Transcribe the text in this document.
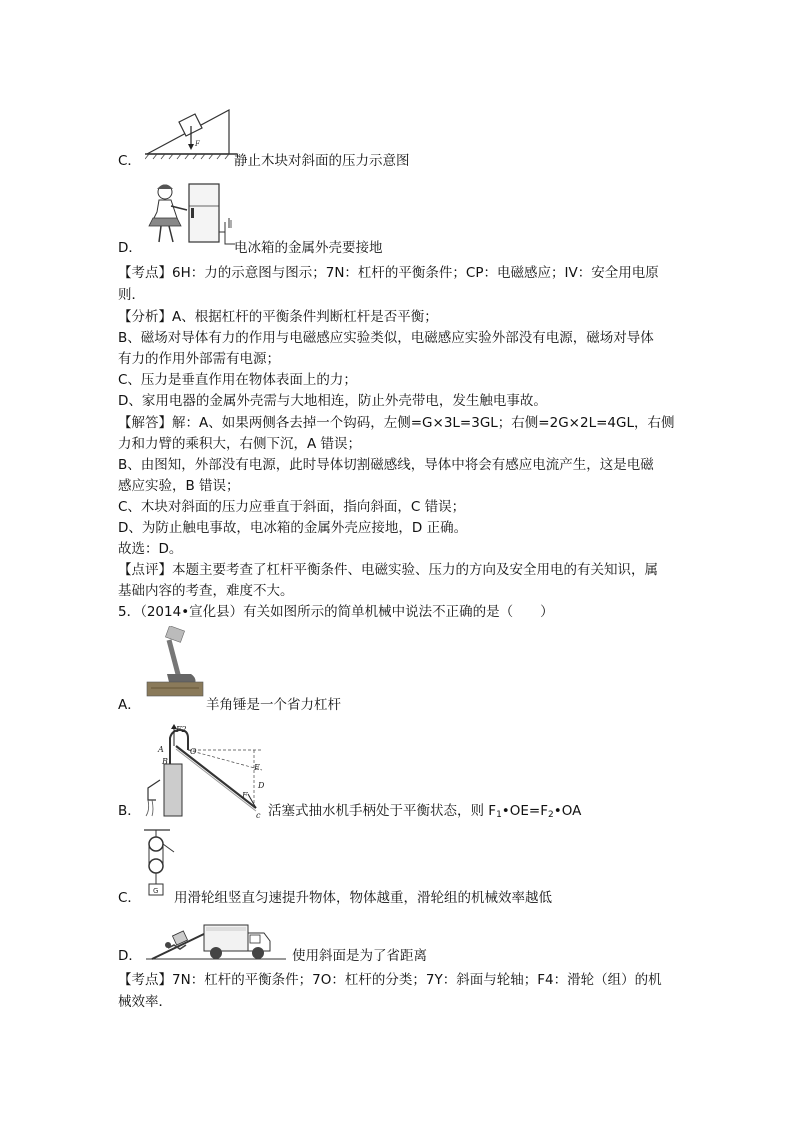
F
C．	静止木块对斜面的压力示意图
D．	电冰箱的金属外壳要接地
【考点】6H：力的示意图与图示；7N：杠杆的平衡条件；CP：电磁感应；IV：安全用电原
则．
【分析】A、根据杠杆的平衡条件判断杠杆是否平衡；
B、磁场对导体有力的作用与电磁感应实验类似，电磁感应实验外部没有电源，磁场对导体
有力的作用外部需有电源；
C、压力是垂直作用在物体表面上的力；
D、家用电器的金属外壳需与大地相连，防止外壳带电，发生触电事故。
【解答】解：A、如果两侧各去掉一个钩码，左侧=G×3L=3GL；右侧=2G×2L=4GL，右侧
力和力臂的乘积大，右侧下沉，A 错误；
B、由图知，外部没有电源，此时导体切割磁感线，导体中将会有感应电流产生，这是电磁
感应实验，B 错误；
C、木块对斜面的压力应垂直于斜面，指向斜面，C 错误；
D、为防止触电事故，电冰箱的金属外壳应接地，D 正确。
故选：D。
【点评】本题主要考查了杠杆平衡条件、电磁实验、压力的方向及安全用电的有关知识，属
基础内容的考查，难度不大。
5．（2014•宣化县）有关如图所示的简单机械中说法不正确的是（　　）
A．	羊角锤是一个省力杠杆
F2
A
B
O
E
D
F
c
B．	活塞式抽水机手柄处于平衡状态，则 $F_1•OE=F_2•OA$
G
C． 用滑轮组竖直匀速提升物体，物体越重，滑轮组的机械效率越低
D．	使用斜面是为了省距离
【考点】7N：杠杆的平衡条件；7O：杠杆的分类；7Y：斜面与轮轴；F4：滑轮（组）的机
械效率．
